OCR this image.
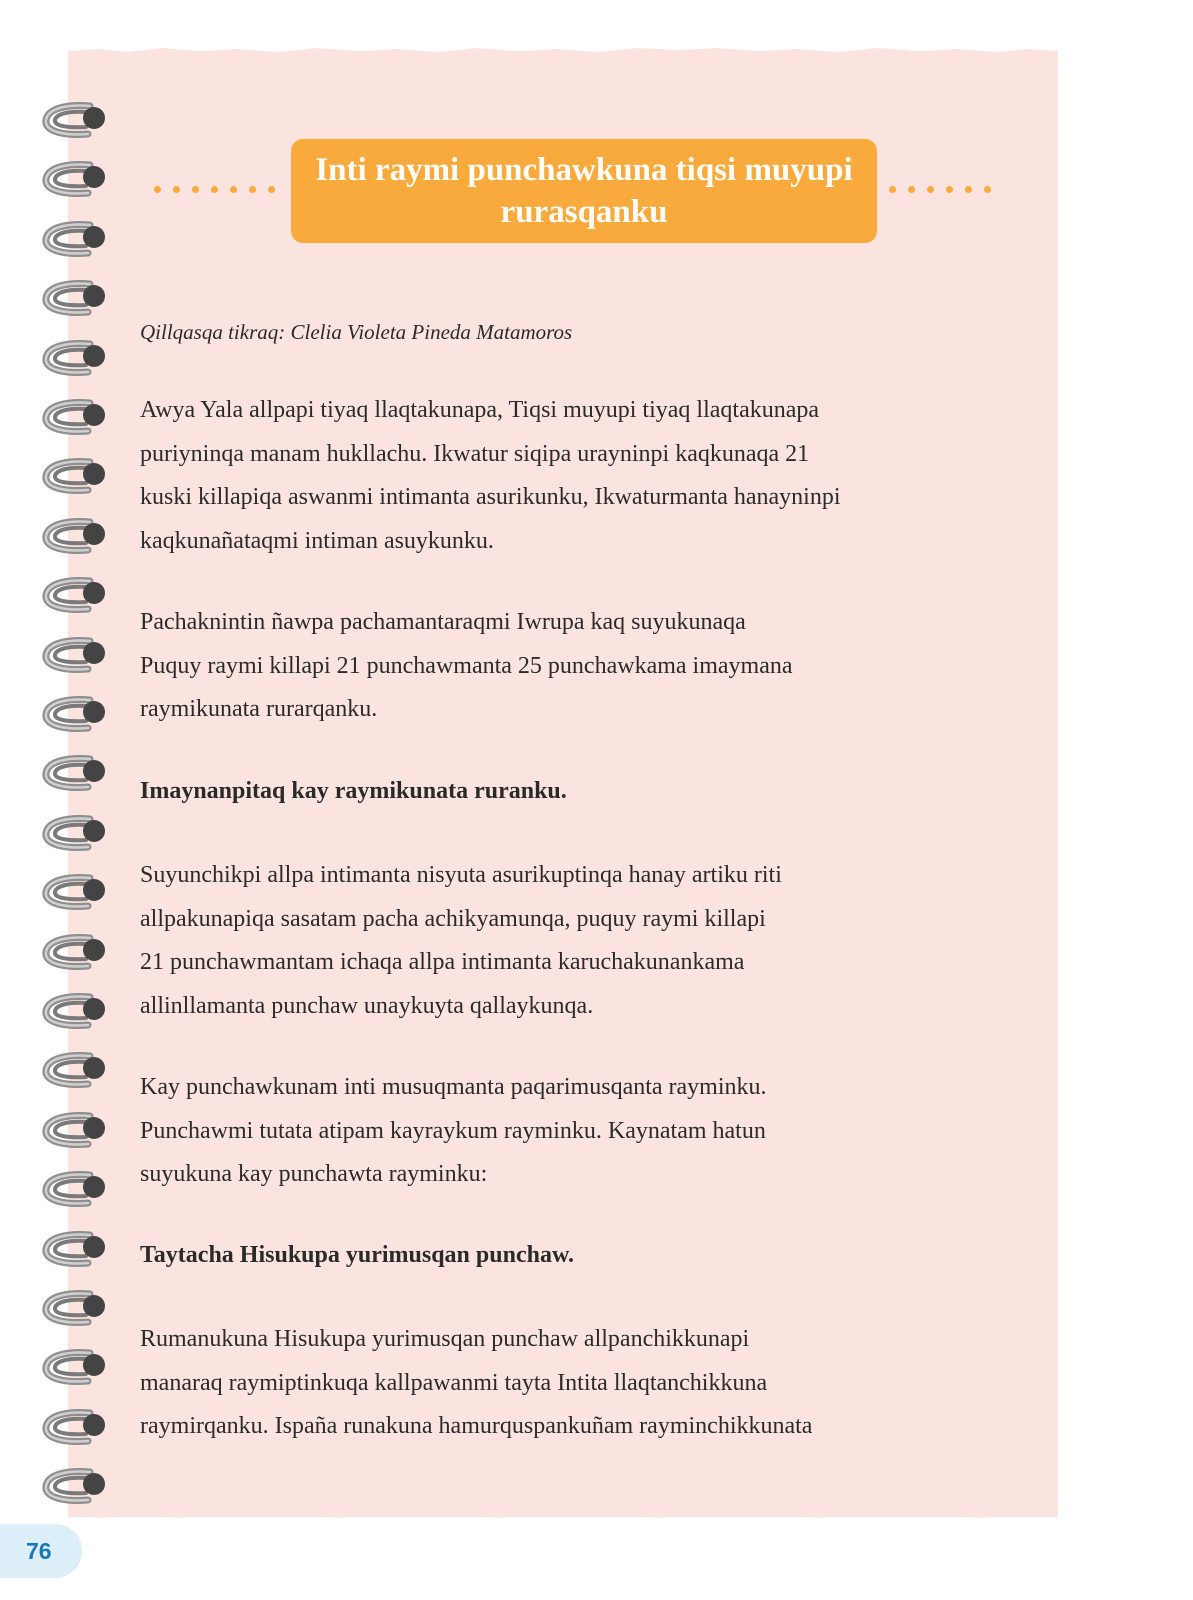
Inti raymi punchawkuna tiqsi muyupi rurasqanku
Qillqasqa tikraq: Clelia Violeta Pineda Matamoros
Awya Yala allpapi tiyaq llaqtakunapa, Tiqsi muyupi tiyaq llaqtakunapa
puriyninqa manam hukllachu. Ikwatur siqipa urayninpi kaqkunaqa 21
kuski killapiqa aswanmi intimanta asurikunku, Ikwaturmanta hanayninpi
kaqkunañataqmi intiman asuykunku.
Pachaknintin ñawpa pachamantaraqmi Iwrupa kaq suyukunaqa
Puquy raymi killapi 21 punchawmanta 25 punchawkama imaymana
raymikunata rurarqanku.
Imaynanpitaq kay raymikunata ruranku.
Suyunchikpi allpa intimanta nisyuta asurikuptinqa hanay artiku riti
allpakunapiqa sasatam pacha achikyamunqa, puquy raymi killapi
21 punchawmantam ichaqa allpa intimanta karuchakunankama
allinllamanta punchaw unaykuyta qallaykunqa.
Kay punchawkunam inti musuqmanta paqarimusqanta rayminku.
Punchawmi tutata atipam kayraykum rayminku. Kaynatam hatun
suyukuna kay punchawta rayminku:
Taytacha Hisukupa yurimusqan punchaw.
Rumanukuna Hisukupa yurimusqan punchaw allpanchikkunapi
manaraq raymiptinkuqa kallpawanmi tayta Intita llaqtanchikkuna
raymirqanku. Ispaña runakuna hamurquspankuñam rayminchikkunata
76
